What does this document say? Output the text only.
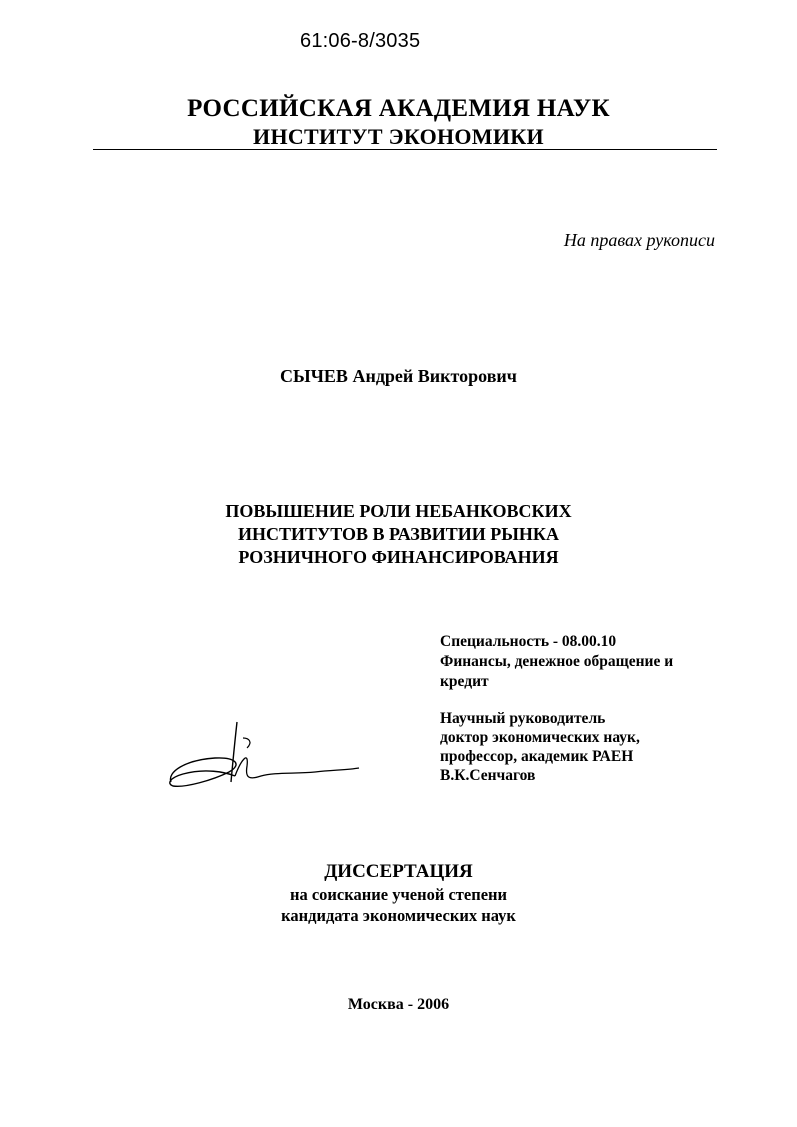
61:06-8/3035
РОССИЙСКАЯ АКАДЕМИЯ НАУК
ИНСТИТУТ ЭКОНОМИКИ
На правах рукописи
СЫЧЕВ Андрей Викторович
ПОВЫШЕНИЕ РОЛИ НЕБАНКОВСКИХ
ИНСТИТУТОВ В РАЗВИТИИ РЫНКА
РОЗНИЧНОГО ФИНАНСИРОВАНИЯ
Специальность - 08.00.10
Финансы, денежное обращение и
кредит
Научный руководитель
доктор экономических наук,
профессор, академик РАЕН
В.К.Сенчагов
ДИССЕРТАЦИЯ
на соискание ученой степени
кандидата экономических наук
Москва - 2006
